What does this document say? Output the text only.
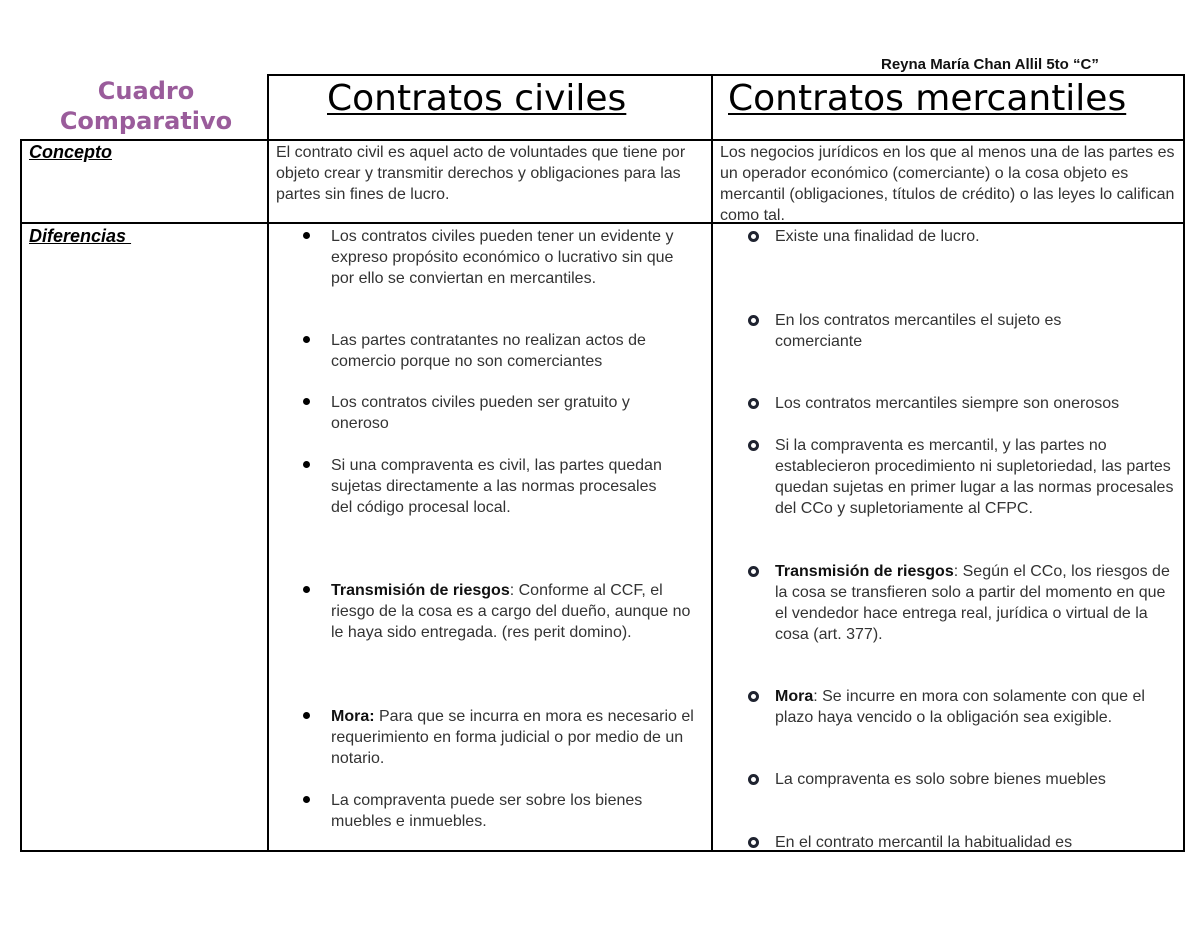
Reyna María Chan Allil 5to “C”
Cuadro
Comparativo
Contratos civiles	Contratos mercantiles
Concepto
Diferencias
El contrato civil es aquel acto de voluntades que tiene por objeto crear y transmitir derechos y obligaciones para las partes sin fines de lucro.
Los negocios jurídicos en los que al menos una de las partes es un operador económico (comerciante) o la cosa objeto es mercantil (obligaciones, títulos de crédito) o las leyes lo califican como tal.
Los contratos civiles pueden tener un evidente y expreso propósito económico o lucrativo sin que por ello se conviertan en mercantiles.
Las partes contratantes no realizan actos de comercio porque no son comerciantes
Los contratos civiles pueden ser gratuito y oneroso
Si una compraventa es civil, las partes quedan sujetas directamente a las normas procesales del código procesal local.
Transmisión de riesgos: Conforme al CCF, el riesgo de la cosa es a cargo del dueño, aunque no le haya sido entregada. (res perit domino).
Mora: Para que se incurra en mora es necesario el requerimiento en forma judicial o por medio de un notario.
La compraventa puede ser sobre los bienes muebles e inmuebles.
Existe una finalidad de lucro.
En los contratos mercantiles el sujeto es comerciante
Los contratos mercantiles siempre son onerosos
Si la compraventa es mercantil, y las partes no establecieron procedimiento ni supletoriedad, las partes quedan sujetas en primer lugar a las normas procesales del CCo y supletoriamente al CFPC.
Transmisión de riesgos: Según el CCo, los riesgos de la cosa se transfieren solo a partir del momento en que el vendedor hace entrega real, jurídica o virtual de la cosa (art. 377).
Mora: Se incurre en mora con solamente con que el plazo haya vencido o la obligación sea exigible.
La compraventa es solo sobre bienes muebles
En el contrato mercantil la habitualidad es
